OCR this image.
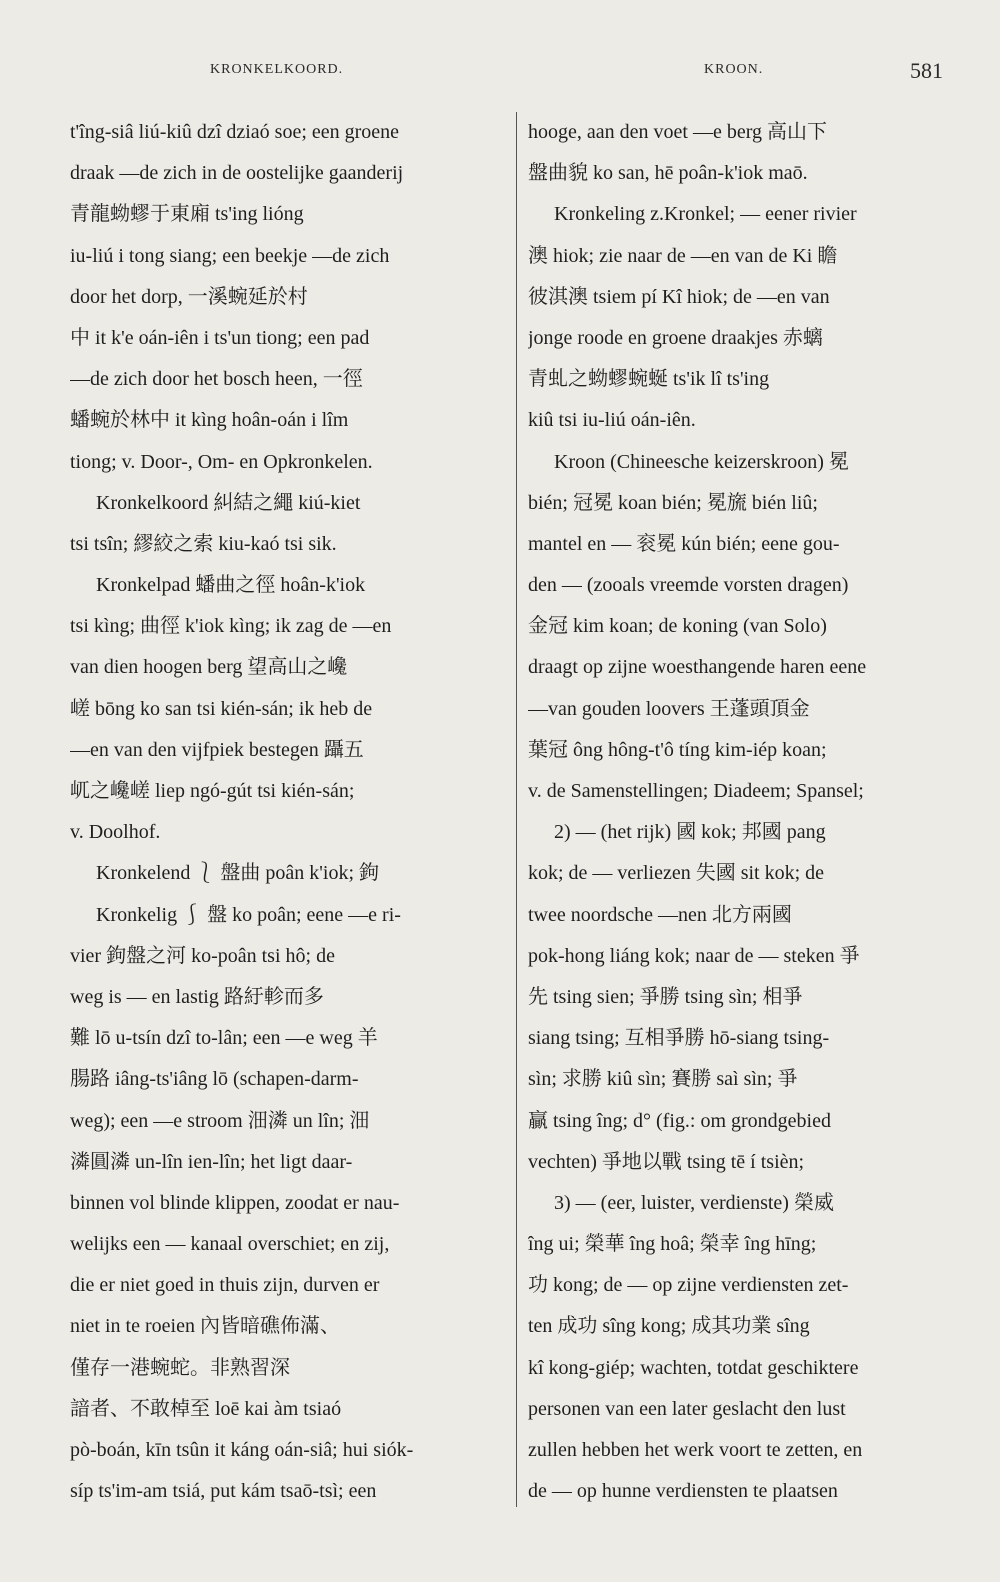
KRONKELKOORD.	KROON.	581
t'îng-siâ liú-kiû dzî dziaó soe; een groene
draak —de zich in de oostelijke gaanderij
青龍蚴蟉于東廂 ts'ing lióng
iu-liú i tong siang; een beekje —de zich
door het dorp, 一溪蜿延於村
中 it k'e oán-iên i ts'un tiong; een pad
—de zich door het bosch heen, 一徑
蟠蜿於林中 it kìng hoân-oán i lîm
tiong; v. Door-, Om- en Opkronkelen.
Kronkelkoord 糾結之繩 kiú-kiet
tsi tsîn; 繆絞之索 kiu-kaó tsi sik.
Kronkelpad 蟠曲之徑 hoân-k'iok
tsi kìng; 曲徑 k'iok kìng; ik zag de —en
van dien hoogen berg 望高山之巉
嵯 bōng ko san tsi kién-sán; ik heb de
—en van den vijfpiek bestegen 躡五
屼之巉嵯 liep ngó-gút tsi kién-sán;
v. Doolhof.
Kronkelend ⎱ 盤曲 poân k'iok; 鉤
Kronkelig ⎰ 盤 ko poân; eene —e ri-
vier 鉤盤之河 ko-poân tsi hô; de
weg is — en lastig 路紆軫而多
難 lō u-tsín dzî to-lân; een —e weg 羊
腸路 iâng-ts'iâng lō (schapen-darm-
weg); een —e stroom 沺潾 un lîn; 沺
潾圓潾 un-lîn ien-lîn; het ligt daar-
binnen vol blinde klippen, zoodat er nau-
welijks een — kanaal overschiet; en zij,
die er niet goed in thuis zijn, durven er
niet in te roeien 內皆暗礁佈滿、
僅存一港蜿蛇。非熟習深
諳者、不敢棹至 loē kai àm tsiaó
pò-boán, kīn tsûn it káng oán-siâ; hui siók-
síp ts'im-am tsiá, put kám tsaō-tsì; een
hooge, aan den voet —e berg 高山下
盤曲貌 ko san, hē poân-k'iok maō.
Kronkeling z.Kronkel; — eener rivier
澳 hiok; zie naar de —en van de Ki 瞻
彼淇澳 tsiem pí Kî hiok; de —en van
jonge roode en groene draakjes 赤螭
青虬之蚴蟉蜿蜒 ts'ik lî ts'ing
kiû tsi iu-liú oán-iên.
Kroon (Chineesche keizerskroon) 冕
bién; 冠冕 koan bién; 冕旒 bién liû;
mantel en — 衮冕 kún bién; eene gou-
den — (zooals vreemde vorsten dragen)
金冠 kim koan; de koning (van Solo)
draagt op zijne woesthangende haren eene
—van gouden loovers 王蓬頭頂金
葉冠 ông hông-t'ô tíng kim-iép koan;
v. de Samenstellingen; Diadeem; Spansel;
2) — (het rijk) 國 kok; 邦國 pang
kok; de — verliezen 失國 sit kok; de
twee noordsche —nen 北方兩國
pok-hong liáng kok; naar de — steken 爭
先 tsing sien; 爭勝 tsing sìn; 相爭
siang tsing; 互相爭勝 hō-siang tsing-
sìn; 求勝 kiû sìn; 賽勝 saì sìn; 爭
贏 tsing îng; d° (fig.: om grondgebied
vechten) 爭地以戰 tsing tē í tsièn;
3) — (eer, luister, verdienste) 榮威
îng ui; 榮華 îng hoâ; 榮幸 îng hīng;
功 kong; de — op zijne verdiensten zet-
ten 成功 sîng kong; 成其功業 sîng
kî kong-giép; wachten, totdat geschiktere
personen van een later geslacht den lust
zullen hebben het werk voort te zetten, en
de — op hunne verdiensten te plaatsen
